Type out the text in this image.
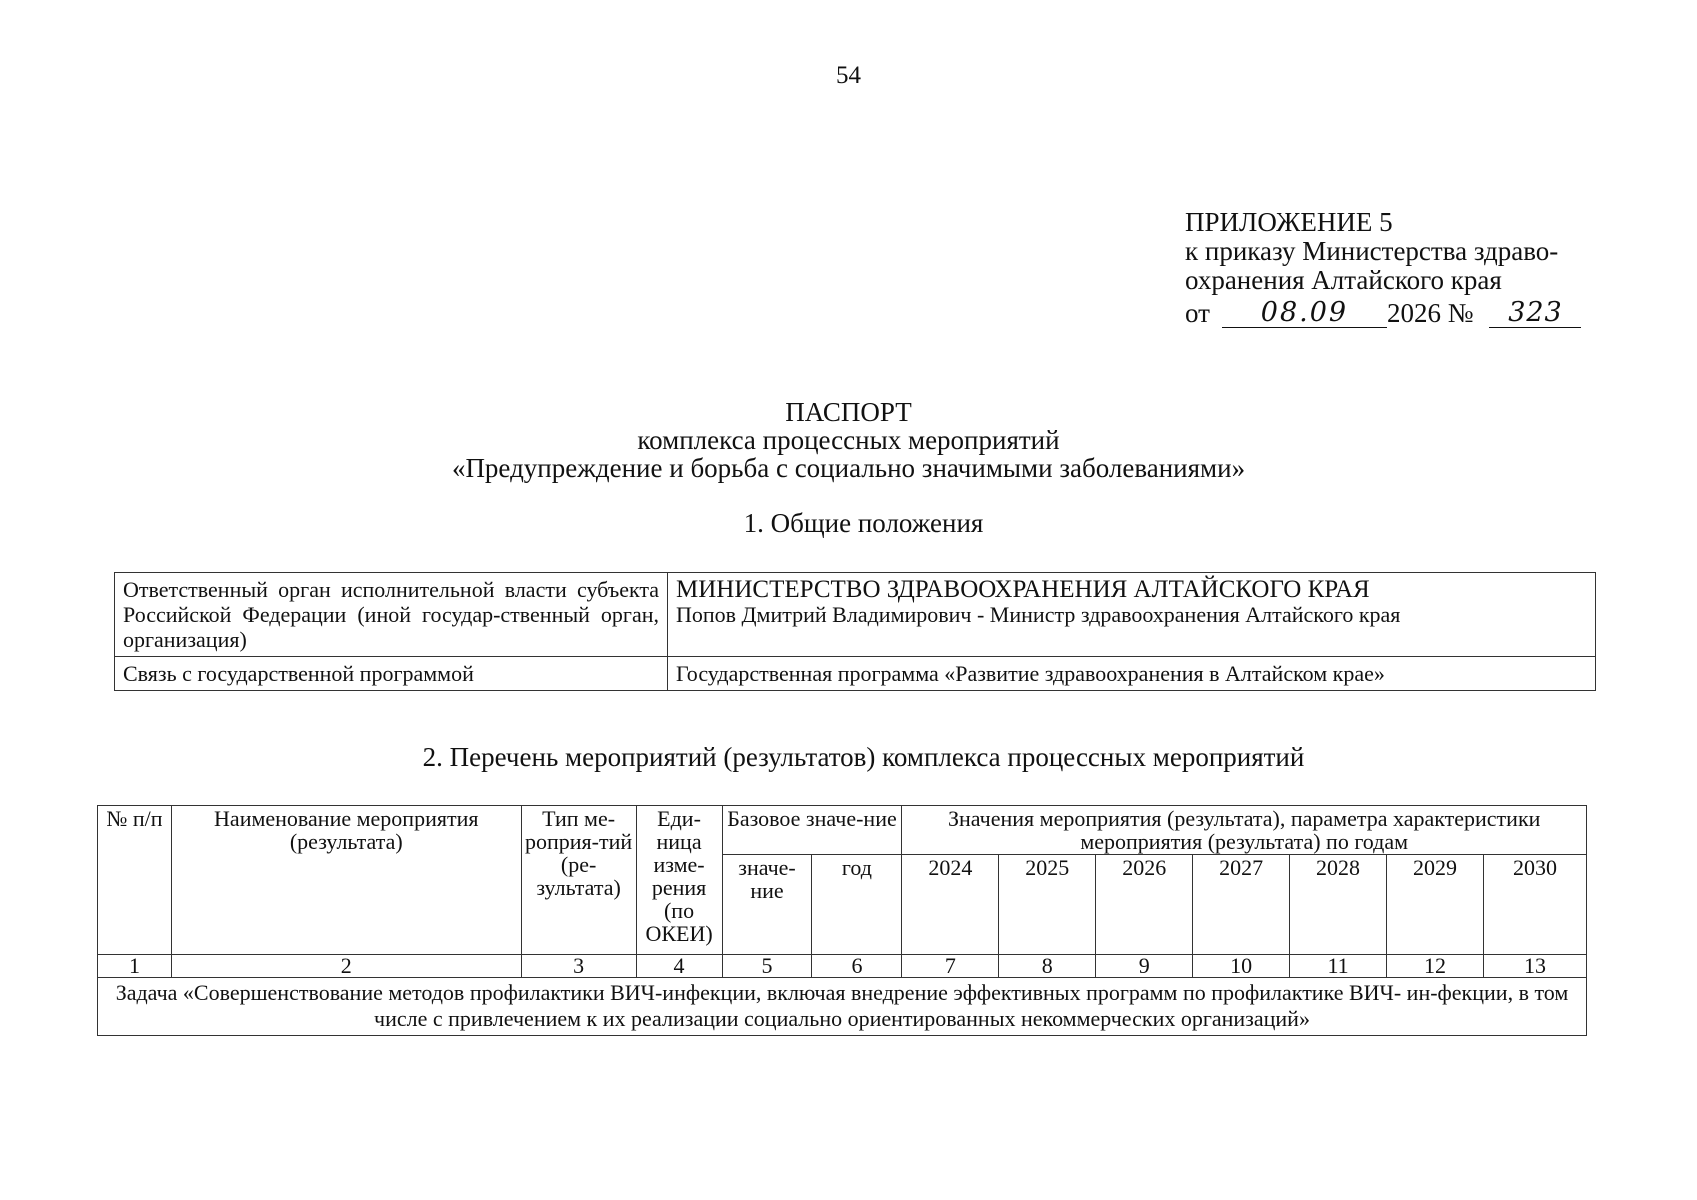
54
ПРИЛОЖЕНИЕ 5
к приказу Министерства здраво-
охранения Алтайского края
от	08.09	2026 №	323
ПАСПОРТ
комплекса процессных мероприятий
«Предупреждение и борьба с социально значимыми заболеваниями»
1. Общие положения
Ответственный орган исполнительной власти субъекта Российской Федерации (иной государ-ственный орган, организация)	МИНИСТЕРСТВО ЗДРАВООХРАНЕНИЯ АЛТАЙСКОГО КРАЯ
Попов Дмитрий Владимирович - Министр здравоохранения Алтайского края

Связь с государственной программой	Государственная программа «Развитие здравоохранения в Алтайском крае»
2. Перечень мероприятий (результатов) комплекса процессных мероприятий
№ п/п	Наименование мероприятия (результата)	Тип ме-роприя-тий (ре-зультата)	Еди-ница изме-рения (по ОКЕИ)	Базовое значе-ние		Значения мероприятия (результата), параметра характеристики мероприятия (результата) по годам						
				значе-ние	год	2024	2025	2026	2027	2028	2029	2030
1	2	3	4	5	6	7	8	9	10	11	12	13
Задача «Совершенствование методов профилактики ВИЧ-инфекции, включая внедрение эффективных программ по профилактике ВИЧ- ин-фекции, в том числе с привлечением к их реализации социально ориентированных некоммерческих организаций»												
